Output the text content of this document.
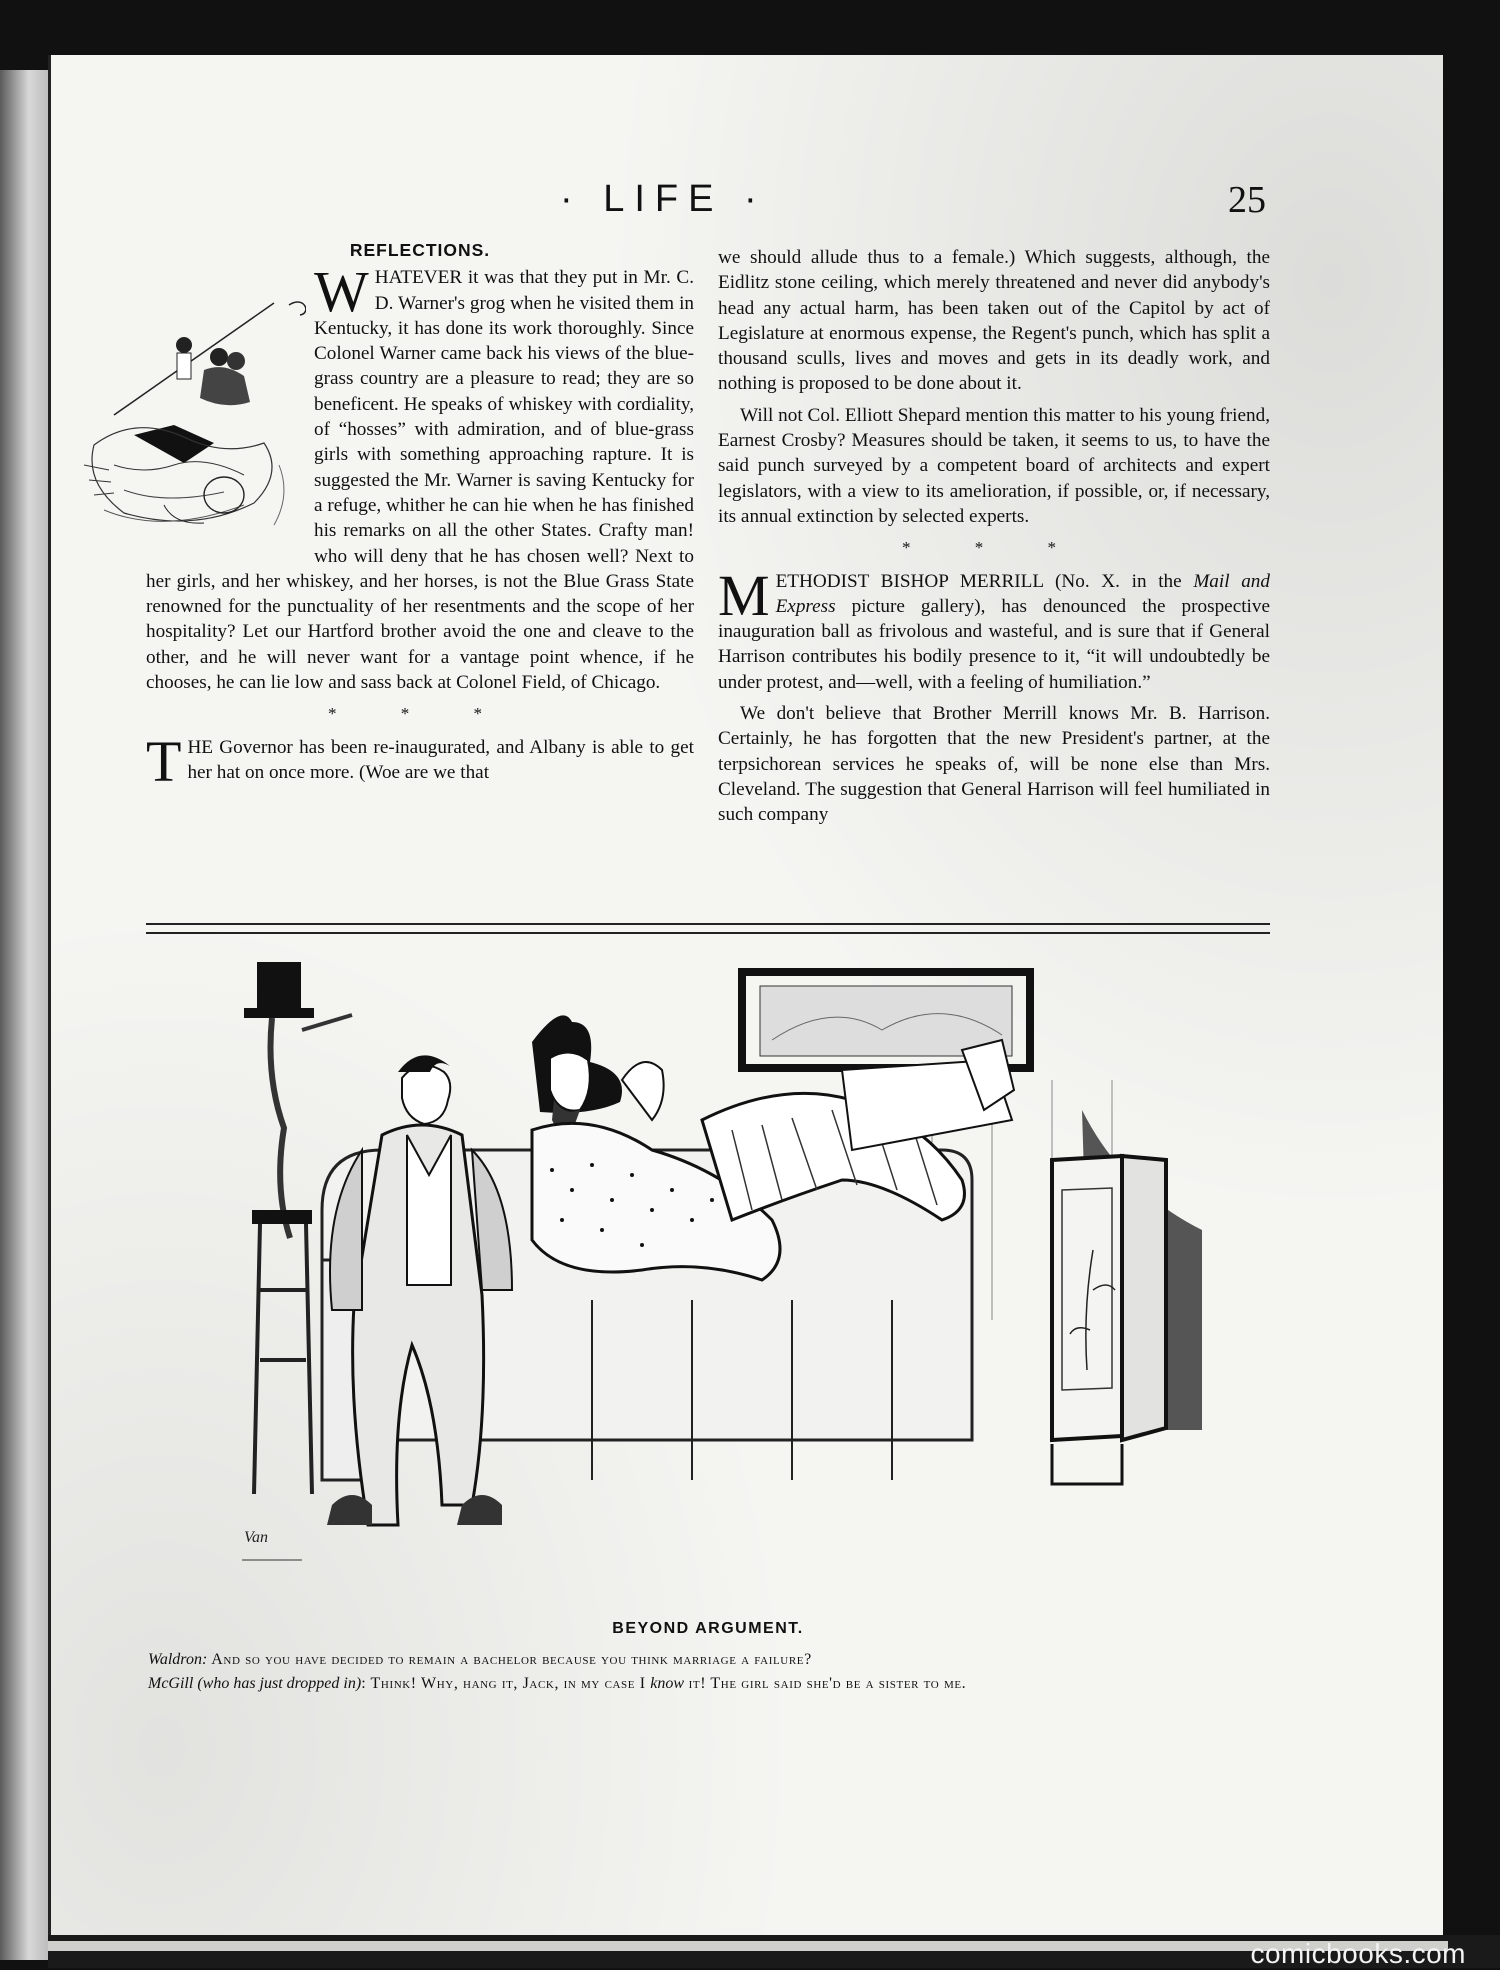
· LIFE ·	25
REFLECTIONS.

WHATEVER it was that they put in Mr. C. D. Warner's grog when he visited them in Kentucky, it has done its work thoroughly. Since Colonel Warner came back his views of the blue-grass country are a pleasure to read; they are so beneficent. He speaks of whiskey with cordiality, of “hosses” with admiration, and of blue-grass girls with something approaching rapture. It is suggested the Mr. Warner is saving Kentucky for a refuge, whither he can hie when he has finished his remarks on all the other States. Crafty man! who will deny that he has chosen well? Next to her girls, and her whiskey, and her horses, is not the Blue Grass State renowned for the punctuality of her resentments and the scope of her hospitality? Let our Hartford brother avoid the one and cleave to the other, and he will never want for a vantage point whence, if he chooses, he can lie low and sass back at Colonel Field, of Chicago.

* * *

THE Governor has been re-inaugurated, and Albany is able to get her hat on once more. (Woe are we that

we should allude thus to a female.) Which suggests, although, the Eidlitz stone ceiling, which merely threatened and never did anybody's head any actual harm, has been taken out of the Capitol by act of Legislature at enormous expense, the Regent's punch, which has split a thousand sculls, lives and moves and gets in its deadly work, and nothing is proposed to be done about it.

Will not Col. Elliott Shepard mention this matter to his young friend, Earnest Crosby? Measures should be taken, it seems to us, to have the said punch surveyed by a competent board of architects and expert legislators, with a view to its amelioration, if possible, or, if necessary, its annual extinction by selected experts.

* * *

METHODIST BISHOP MERRILL (No. X. in the Mail and Express picture gallery), has denounced the prospective inauguration ball as frivolous and wasteful, and is sure that if General Harrison contributes his bodily presence to it, “it will undoubtedly be under protest, and—well, with a feeling of humiliation.”

We don't believe that Brother Merrill knows Mr. B. Harrison. Certainly, he has forgotten that the new President's partner, at the terpsichorean services he speaks of, will be none else than Mrs. Cleveland. The suggestion that General Harrison will feel humiliated in such company

Van
BEYOND ARGUMENT.
Waldron: And so you have decided to remain a bachelor because you think marriage a failure?
McGill (who has just dropped in): Think! Why, hang it, Jack, in my case I know it! The girl said she'd be a sister to me.
comicbooks.com
